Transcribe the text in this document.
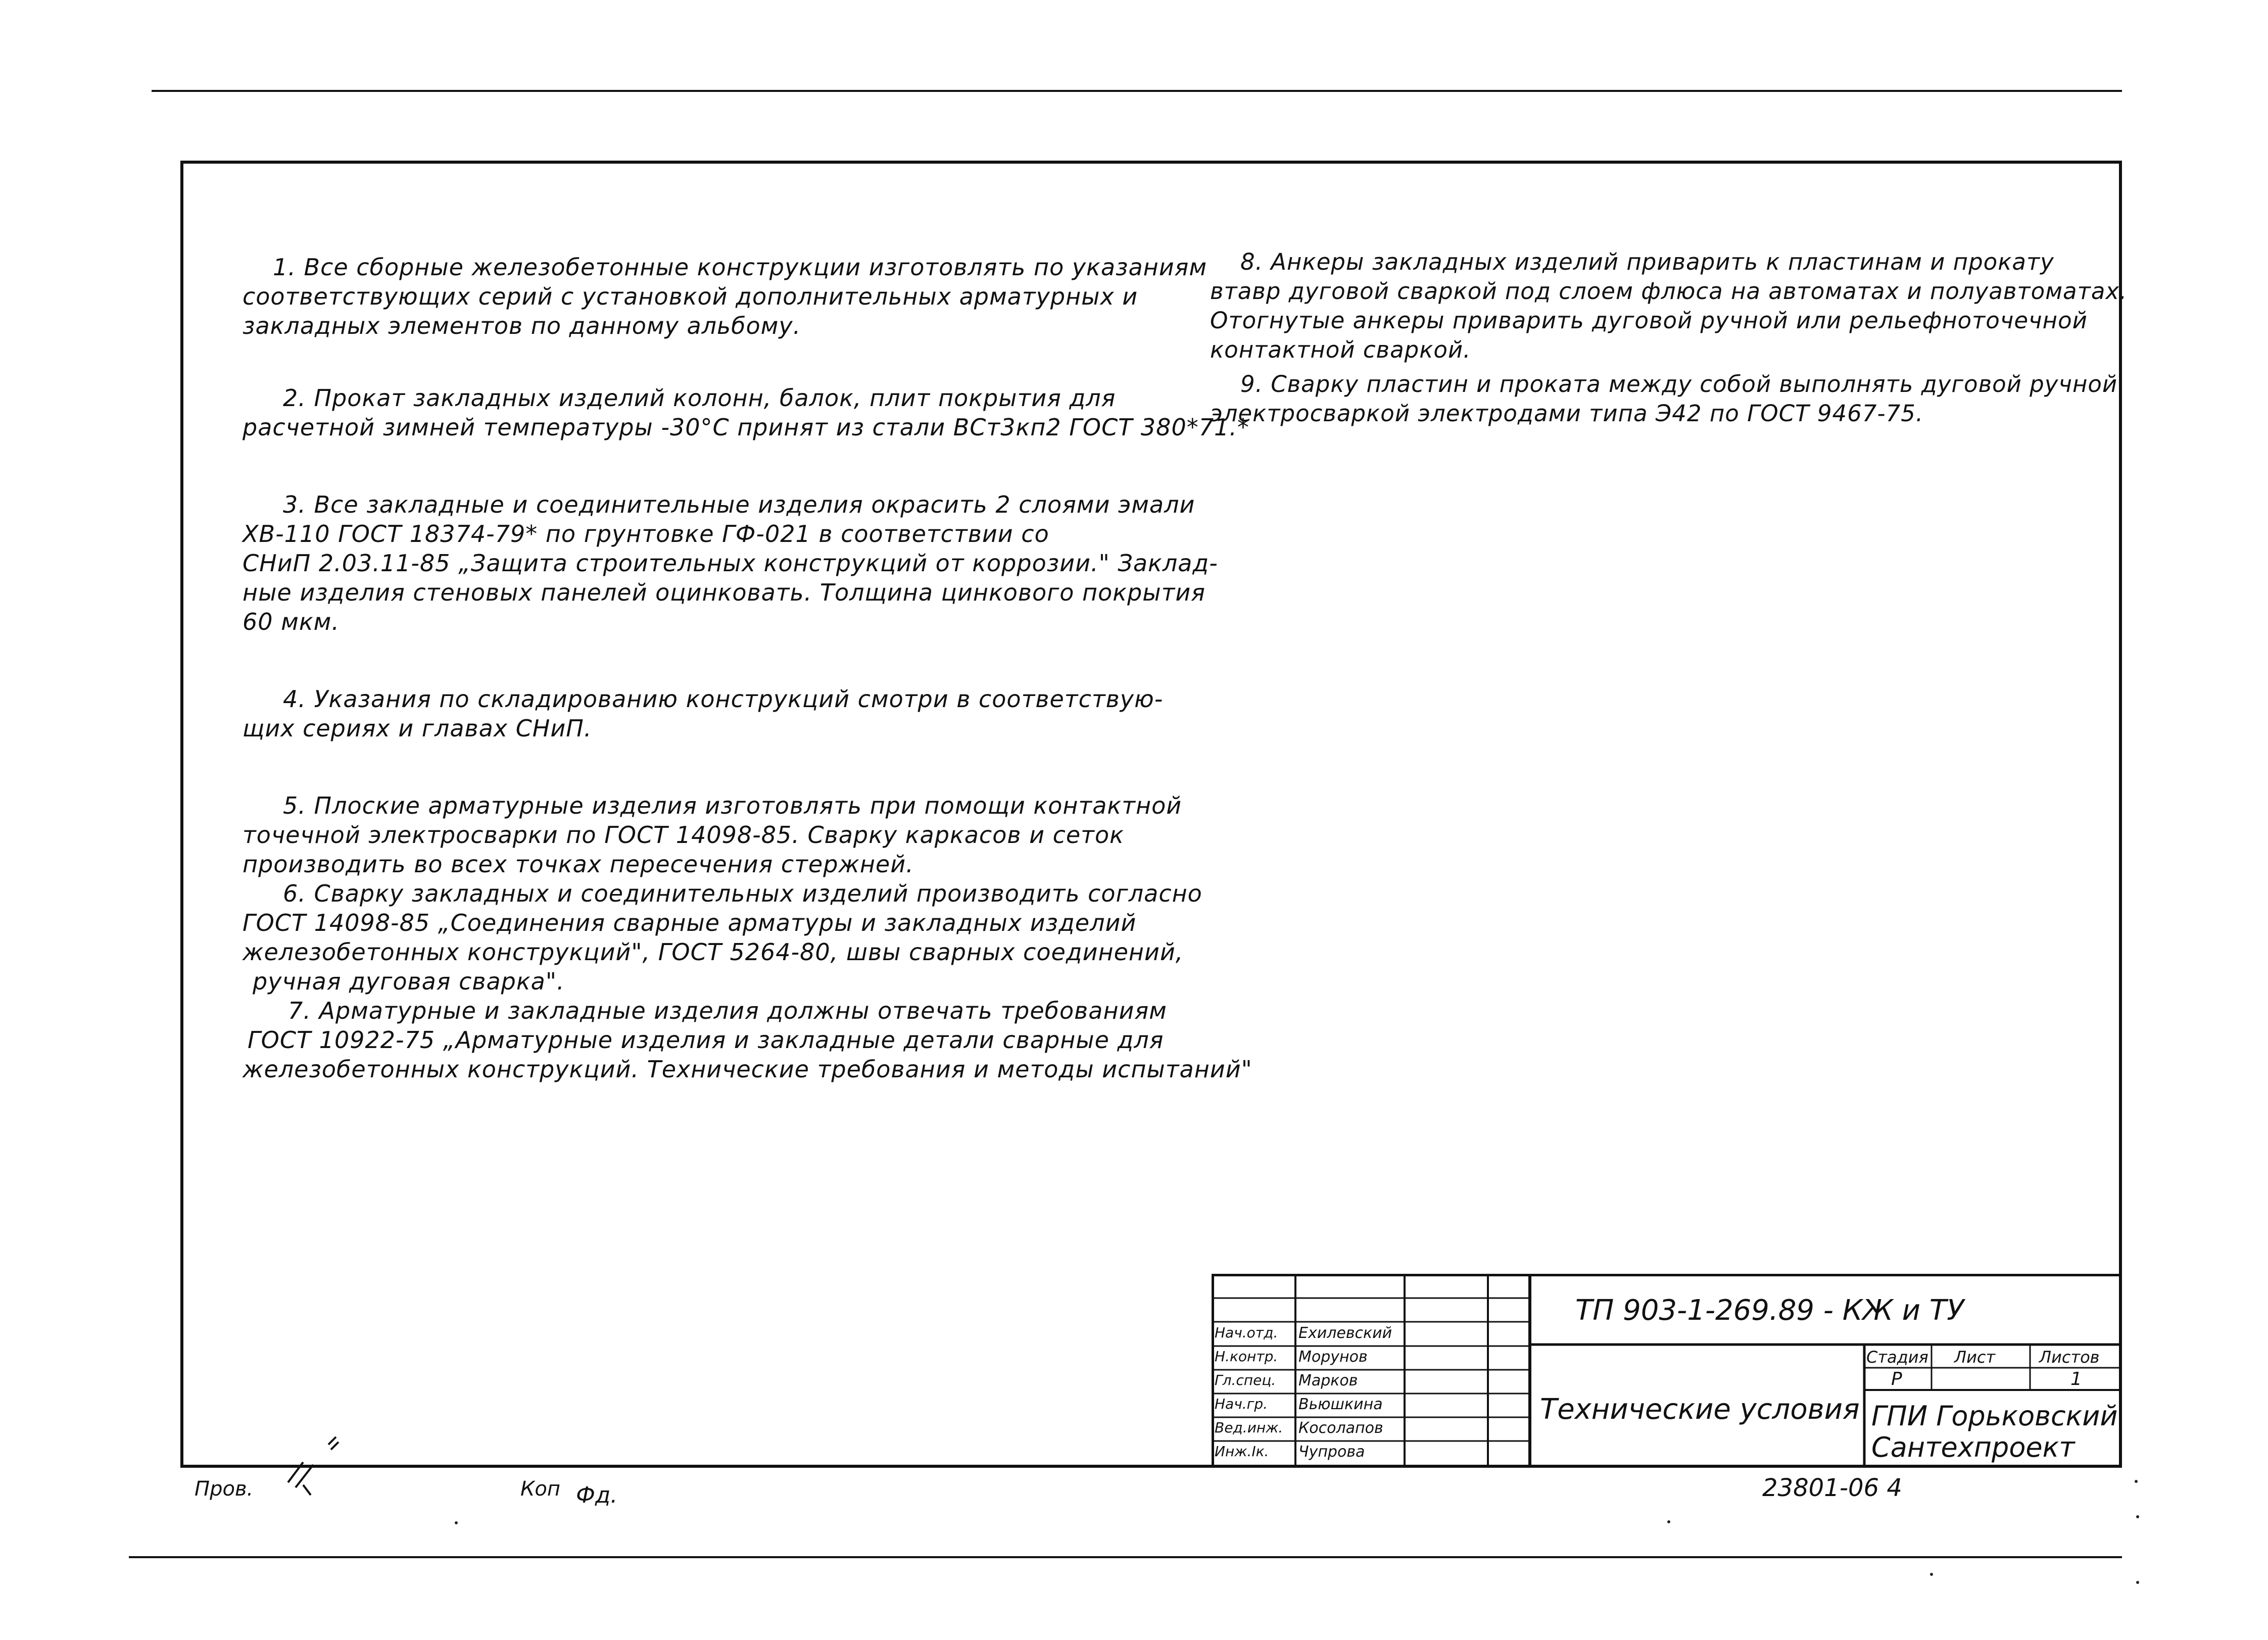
1. Все сборные железобетонные конструкции изготовлять по указаниям

соответствующих серий с установкой дополнительных арматурных и

закладных элементов по данному альбому.

2. Прокат закладных изделий колонн, балок, плит покрытия для

расчетной зимней температуры -30°С принят из стали ВСт3кп2 ГОСТ 380*71.*

3. Все закладные и соединительные изделия окрасить 2 слоями эмали

ХВ-110 ГОСТ 18374-79* по грунтовке ГФ-021 в соответствии со

СНиП 2.03.11-85 „Защита строительных конструкций от коррозии." Заклад-

ные изделия стеновых панелей оцинковать. Толщина цинкового покрытия

60 мкм.

4. Указания по складированию конструкций смотри в соответствую-

щих сериях и главах СНиП.

5. Плоские арматурные изделия изготовлять при помощи контактной

точечной электросварки по ГОСТ 14098-85. Сварку каркасов и сеток

производить во всех точках пересечения стержней.

6. Сварку закладных и соединительных изделий производить согласно

ГОСТ 14098-85 „Соединения сварные арматуры и закладных изделий

железобетонных конструкций", ГОСТ 5264-80, швы сварных соединений,

ручная дуговая сварка".

7. Арматурные и закладные изделия должны отвечать требованиям

ГОСТ 10922-75 „Арматурные изделия и закладные детали сварные для

железобетонных конструкций. Технические требования и методы испытаний"

8. Анкеры закладных изделий приварить к пластинам и прокату

втавр дуговой сваркой под слоем флюса на автоматах и полуавтоматах.

Отогнутые анкеры приварить дуговой ручной или рельефноточечной

контактной сваркой.

9. Сварку пластин и проката между собой выполнять дуговой ручной

электросваркой электродами типа Э42 по ГОСТ 9467-75.

ТП 903-1-269.89 - КЖ и ТУ
Технические условия
Стадия Лист	Листов
Р	1
ГПИ Горьковский
Сантехпроект
Нач.отд. Ехилевский
Н.контр. Морунов
Гл.спец. Марков
Нач.гр. Вьюшкина
Вед.инж. Косолапов
Инж.Iк. Чупрова
Пров.	Коп Фд.	23801-06 4
